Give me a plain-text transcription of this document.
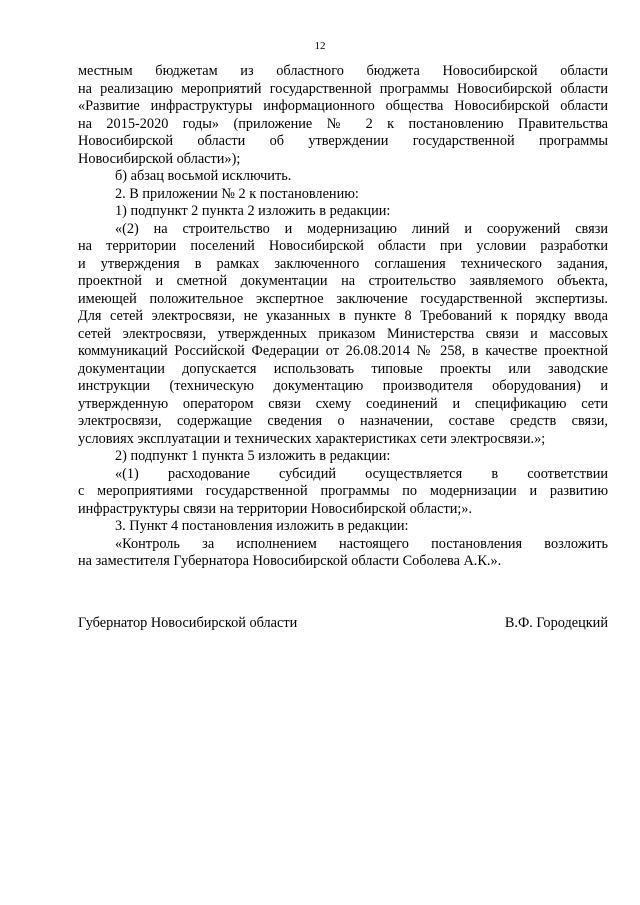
12
местным бюджетам из областного бюджета Новосибирской области
на реализацию мероприятий государственной программы Новосибирской области
«Развитие инфраструктуры информационного общества Новосибирской области
на 2015-2020 годы» (приложение № 2 к постановлению Правительства
Новосибирской области об утверждении государственной программы
Новосибирской области»);
б) абзац восьмой исключить.
2. В приложении № 2 к постановлению:
1) подпункт 2 пункта 2 изложить в редакции:
«(2) на строительство и модернизацию линий и сооружений связи
на территории поселений Новосибирской области при условии разработки
и утверждения в рамках заключенного соглашения технического задания,
проектной и сметной документации на строительство заявляемого объекта,
имеющей положительное экспертное заключение государственной экспертизы.
Для сетей электросвязи, не указанных в пункте 8 Требований к порядку ввода
сетей электросвязи, утвержденных приказом Министерства связи и массовых
коммуникаций Российской Федерации от 26.08.2014 № 258, в качестве проектной
документации допускается использовать типовые проекты или заводские
инструкции (техническую документацию производителя оборудования) и
утвержденную оператором связи схему соединений и спецификацию сети
электросвязи, содержащие сведения о назначении, составе средств связи,
условиях эксплуатации и технических характеристиках сети электросвязи.»;
2) подпункт 1 пункта 5 изложить в редакции:
«(1) расходование субсидий осуществляется в соответствии
с мероприятиями государственной программы по модернизации и развитию
инфраструктуры связи на территории Новосибирской области;».
3. Пункт 4 постановления изложить в редакции:
«Контроль за исполнением настоящего постановления возложить
на заместителя Губернатора Новосибирской области Соболева А.К.».
Губернатор Новосибирской области	В.Ф. Городецкий
